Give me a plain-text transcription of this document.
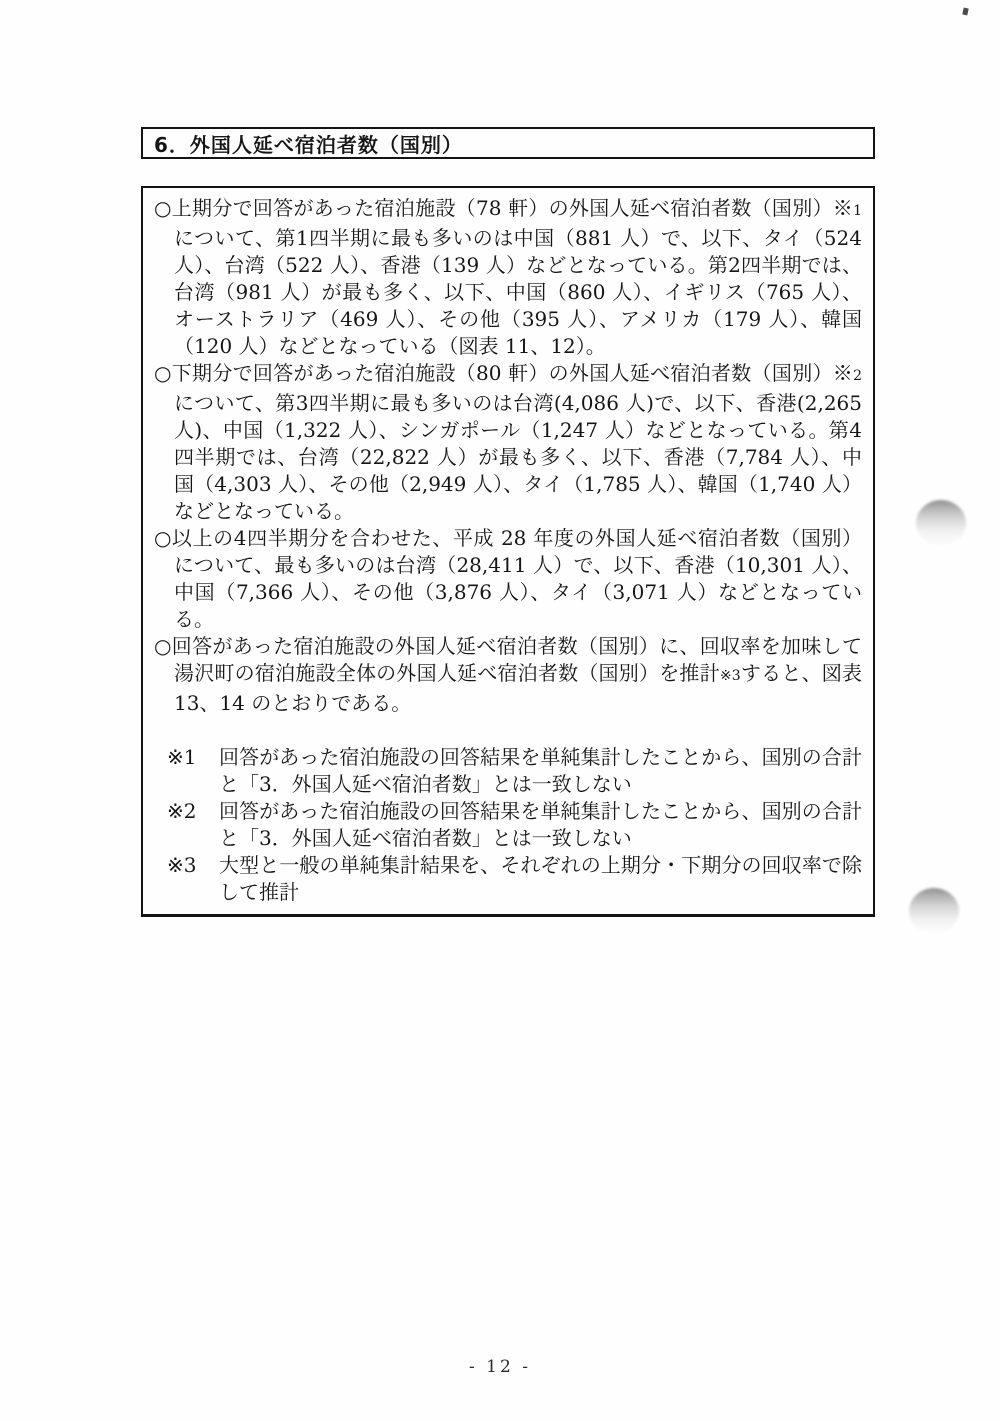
6．外国人延べ宿泊者数（国別）

○上期分で回答があった宿泊施設（78 軒）の外国人延べ宿泊者数（国別）※1について、第1四半期に最も多いのは中国（881 人）で、以下、タイ（524 人）、台湾（522 人）、香港（139 人）などとなっている。第2四半期では、台湾（981 人）が最も多く、以下、中国（860 人）、イギリス（765 人）、オーストラリア（469 人）、その他（395 人）、アメリカ（179 人）、韓国（120 人）などとなっている（図表 11、12）。

○下期分で回答があった宿泊施設（80 軒）の外国人延べ宿泊者数（国別）※2について、第3四半期に最も多いのは台湾(4,086 人)で、以下、香港(2,265 人)、中国（1,322 人）、シンガポール（1,247 人）などとなっている。第4四半期では、台湾（22,822 人）が最も多く、以下、香港（7,784 人）、中国（4,303 人）、その他（2,949 人）、タイ（1,785 人）、韓国（1,740 人）などとなっている。

○以上の4四半期分を合わせた、平成 28 年度の外国人延べ宿泊者数（国別）について、最も多いのは台湾（28,411 人）で、以下、香港（10,301 人）、中国（7,366 人）、その他（3,876 人）、タイ（3,071 人）などとなっている。

○回答があった宿泊施設の外国人延べ宿泊者数（国別）に、回収率を加味して湯沢町の宿泊施設全体の外国人延べ宿泊者数（国別）を推計※3すると、図表 13、14 のとおりである。

※1	回答があった宿泊施設の回答結果を単純集計したことから、国別の合計と「3．外国人延べ宿泊者数」とは一致しない
※2	回答があった宿泊施設の回答結果を単純集計したことから、国別の合計と「3．外国人延べ宿泊者数」とは一致しない
※3	大型と一般の単純集計結果を、それぞれの上期分・下期分の回収率で除して推計
- 12 -
